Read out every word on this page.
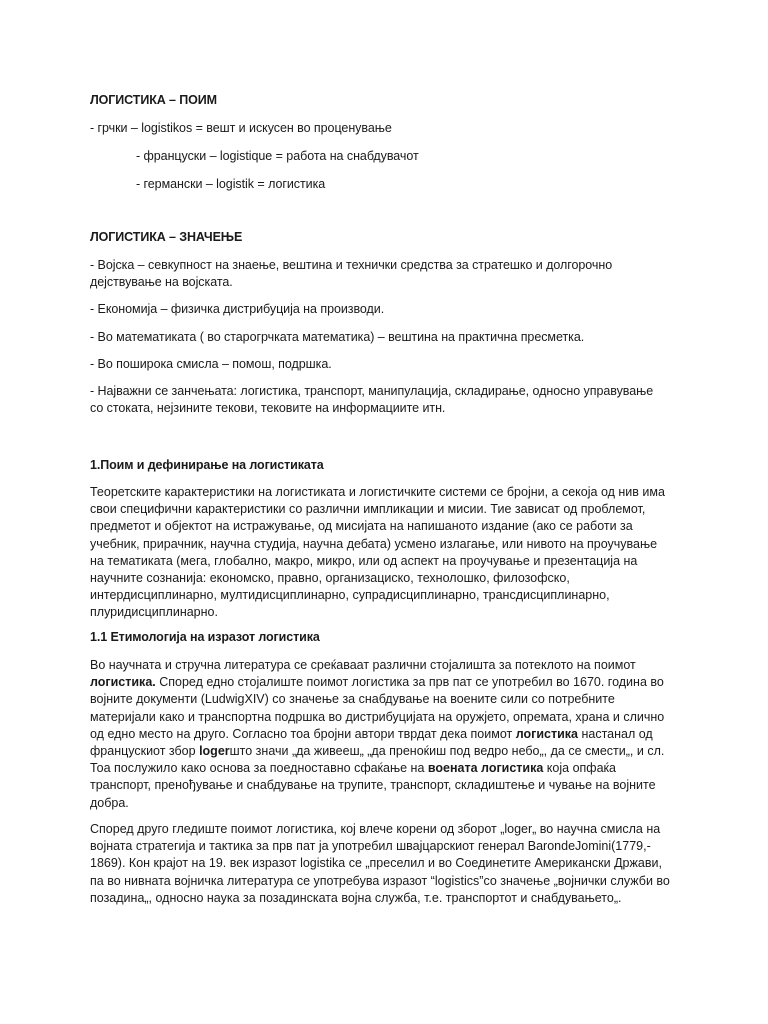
ЛОГИСТИКА – ПОИМ
- грчки – logistikos = вешт и искусен во проценување
- француски – logistique = работа на снабдувачот
- германски – logistik = логистика
ЛОГИСТИКА – ЗНАЧЕЊЕ
- Војска – севкупност на знаење, вештина и технички средства за стратешко и долгорочно
дејствување на војската.
- Економија – физичка дистрибуција на производи.
- Во математиката ( во старогрчката математика) – вештина на практична пресметка.
- Во поширока смисла – помош, подршка.
- Најважни се занчењата: логистика, транспорт, манипулација, складирање, односно управување
со стоката, нејзините текови, тековите на информациите итн.
1.Поим и дефинирање на логистиката
Теоретските карактеристики на логистиката и логистичките системи се бројни, а секоја од нив има
свои специфични карактеристики со различни импликации и мисии. Тие зависат од проблемот,
предметот и објектот на истражување, од мисијата на напишаното издание (ако се работи за
учебник, прирачник, научна студија, научна дебата) усмено излагање, или нивото на проучување
на тематиката (мега, глобално, макро, микро, или од аспект на проучување и презентација на
научните сознанија: економско, правно, организациско, технолошко, филозофско,
интердисциплинарно, мултидисциплинарно, супрадисциплинарно, трансдисциплинарно,
плуридисциплинарно.
1.1 Етимологија на изразот логистика
Во научната и стручна литература се среќаваат различни стојалишта за потеклото на поимот
логистика. Според едно стојалиште поимот логистика за прв пат се употребил во 1670. година во
војните документи (LudwigXIV) со значење за снабдување на воените сили со потребните
материјали како и транспортна подршка во дистрибуцијата на оружјето, опремата, храна и слично
од едно место на друго. Согласно тоа бројни автори тврдат дека поимот логистика настанал од
францускиот збор logerшто значи „да живееш„ „да преноќиш под ведро небо„, да се смести„, и сл.
Тоа послужило како основа за поедноставно сфаќање на воената логистика која опфаќа
транспорт, пренођување и снабдување на трупите, транспорт, складиштење и чување на војните
добра.
Според друго гледиште поимот логистика, кој влече корени од зборот „loger„ во научна смисла на
војната стратегија и тактика за прв пат ја употребил швајцарскиот генерал BarondeJomini(1779,-
1869). Кон крајот на 19. век изразот logistika се „преселил и во Соединетите Американски Држави,
па во нивната војничка литература се употребува изразот “logistics”со значење „војнички служби во
позадина„, односно наука за позадинската војна служба, т.е. транспортот и снабдувањето„.
